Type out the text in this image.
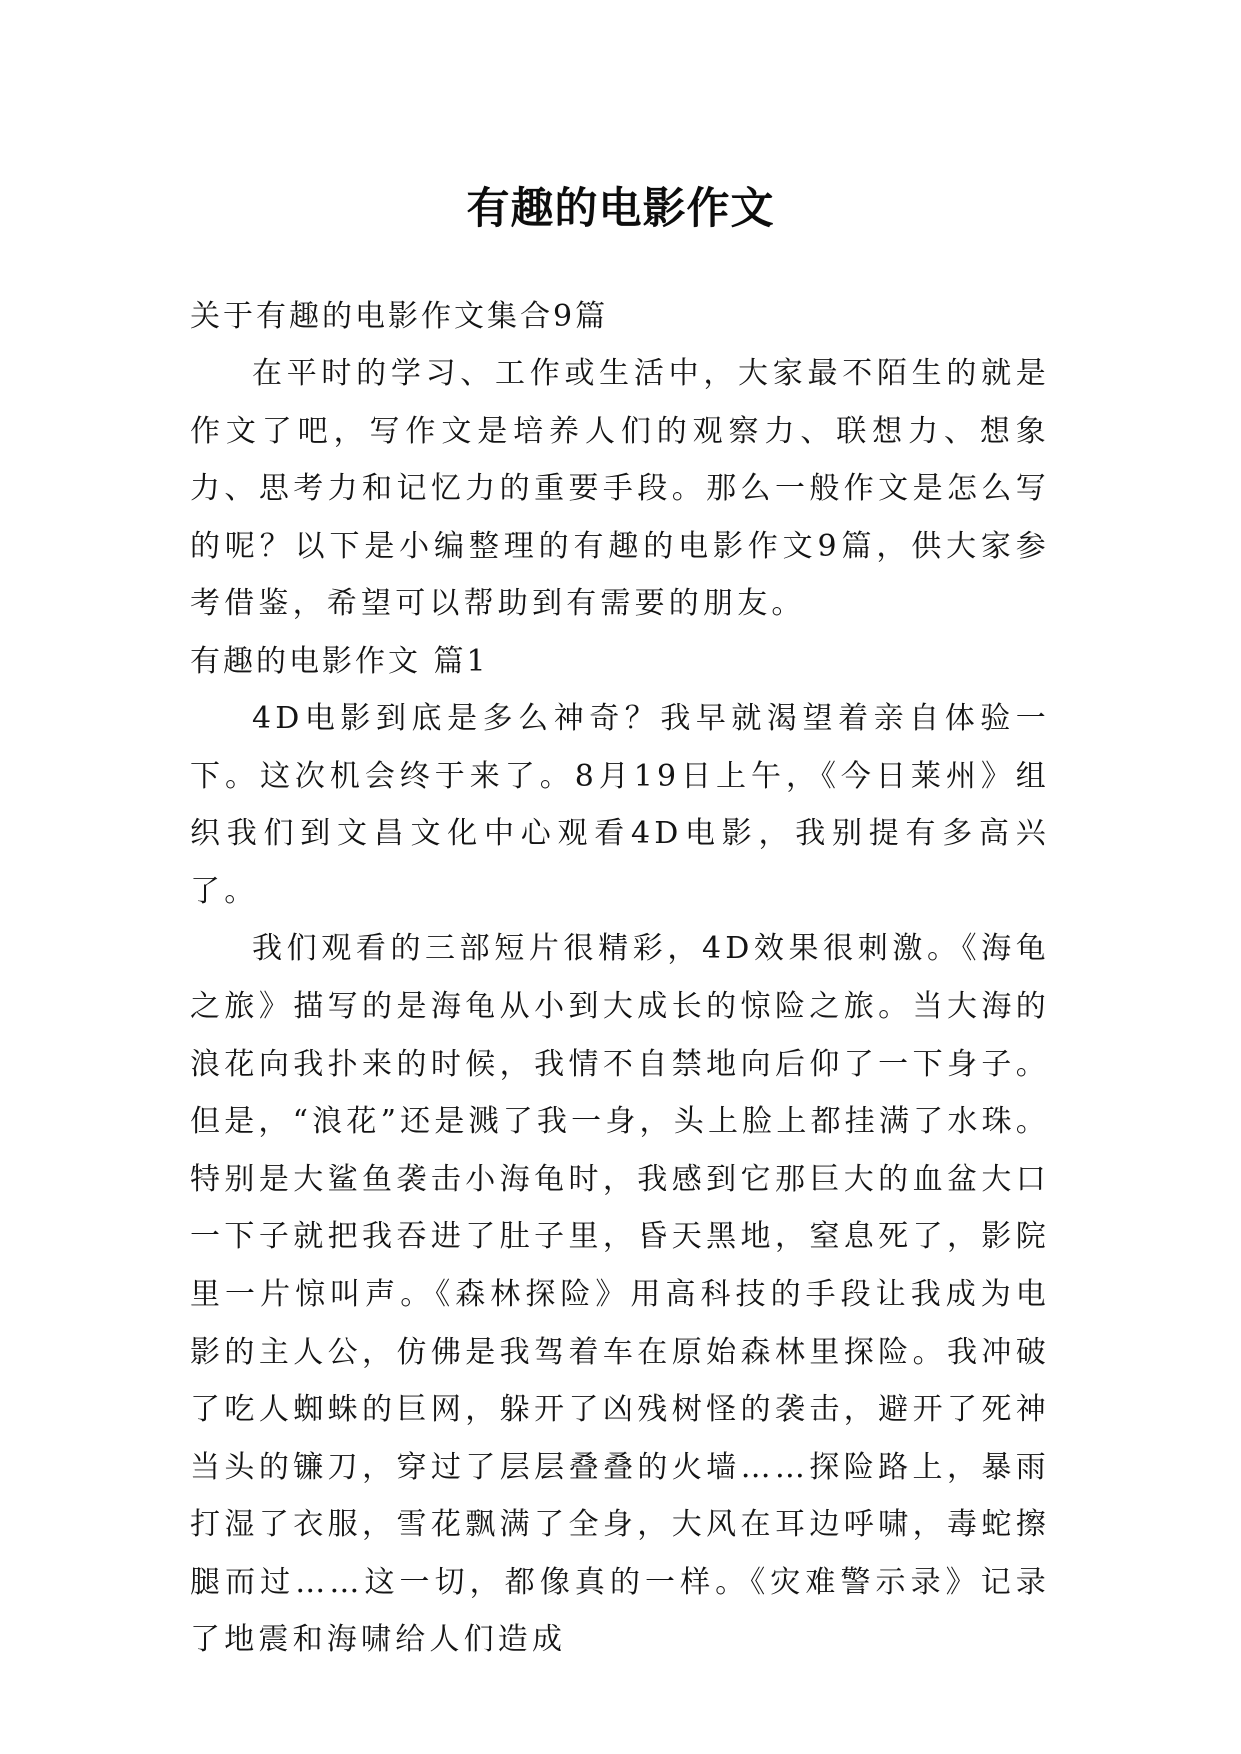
有趣的电影作文

关于有趣的电影作文集合9篇

在平时的学习、工作或生活中，大家最不陌生的就是作文了吧，写作文是培养人们的观察力、联想力、想象力、思考力和记忆力的重要手段。那么一般作文是怎么写的呢？以下是小编整理的有趣的电影作文9篇，供大家参考借鉴，希望可以帮助到有需要的朋友。

有趣的电影作文 篇1

4D电影到底是多么神奇？我早就渴望着亲自体验一下。这次机会终于来了。8月19日上午，《今日莱州》组织我们到文昌文化中心观看4D电影，我别提有多高兴了。

我们观看的三部短片很精彩，4D效果很刺激。《海龟之旅》描写的是海龟从小到大成长的惊险之旅。当大海的浪花向我扑来的时候，我情不自禁地向后仰了一下身子。但是，“浪花”还是溅了我一身，头上脸上都挂满了水珠。特别是大鲨鱼袭击小海龟时，我感到它那巨大的血盆大口一下子就把我吞进了肚子里，昏天黑地，窒息死了，影院里一片惊叫声。《森林探险》用高科技的手段让我成为电影的主人公，仿佛是我驾着车在原始森林里探险。我冲破了吃人蜘蛛的巨网，躲开了凶残树怪的袭击，避开了死神当头的镰刀，穿过了层层叠叠的火墙……探险路上，暴雨打湿了衣服，雪花飘满了全身，大风在耳边呼啸，毒蛇擦腿而过……这一切，都像真的一样。《灾难警示录》记录了地震和海啸给人们造成
